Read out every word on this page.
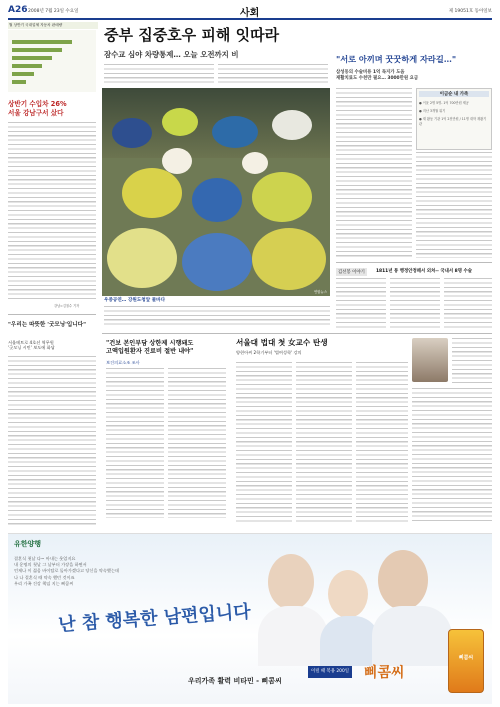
A26 2008년 7월 23일 수요일	사회	제 19051호 동아일보
월 상반기 국내업체 자동차 판매량
상반기 수입차 26%
서울 강남구서 샀다
강남=김철수 기자
"우리는 따뜻한 '굿모닝'입니다"
서울메트로 4호선 역무원
'굿모닝 시민' 보도에 화답
중부 집중호우 피해 잇따라
잠수교 심야 차량통제… 오늘 오전까지 비
연합뉴스
우중공연… 강원도청앞 물바다
"서로 아끼며 꿋꿋하게 자라길…"
삼성동의 수술비용 1억 독지가 도움
재활치료도 수천만 필요… 3000만원 요금
이금순 내 가족
● 이윤 2명 5명- 1억 700만원 제공
● 지난 3개월 위기
● 재 활동 기관 1억 2천만원 / 11명 대학 재활기관
김선봉 이야기	1811년 통 행정안정해서 외쳐-- 국내서 8명 수술
"건보 본인부담 상한제 시행돼도
고액입원환자 진료비 절반 내야"
보건의료소조 조사
서울대 법대 첫 女교수 탄생
양현아씨 2학기부터 '법여성학' 강의
유한양행
결혼식 첫날 다~ 아내는 웃었지요
내 운명의 첫날 그 날부터 가장을 하면서
언제나 이 젊음 바이탈로 돌아가겠다고 당신을 약속했는데
나 나 결혼식 때 약속 했던 것이죠
우리 가족 건강 책임 지는 삐콤씨
난 참 행복한 남편입니다
삐콤씨
우리가족 활력 비타민 - 삐콤씨
이럴 때 복용 200일 삐콤씨
